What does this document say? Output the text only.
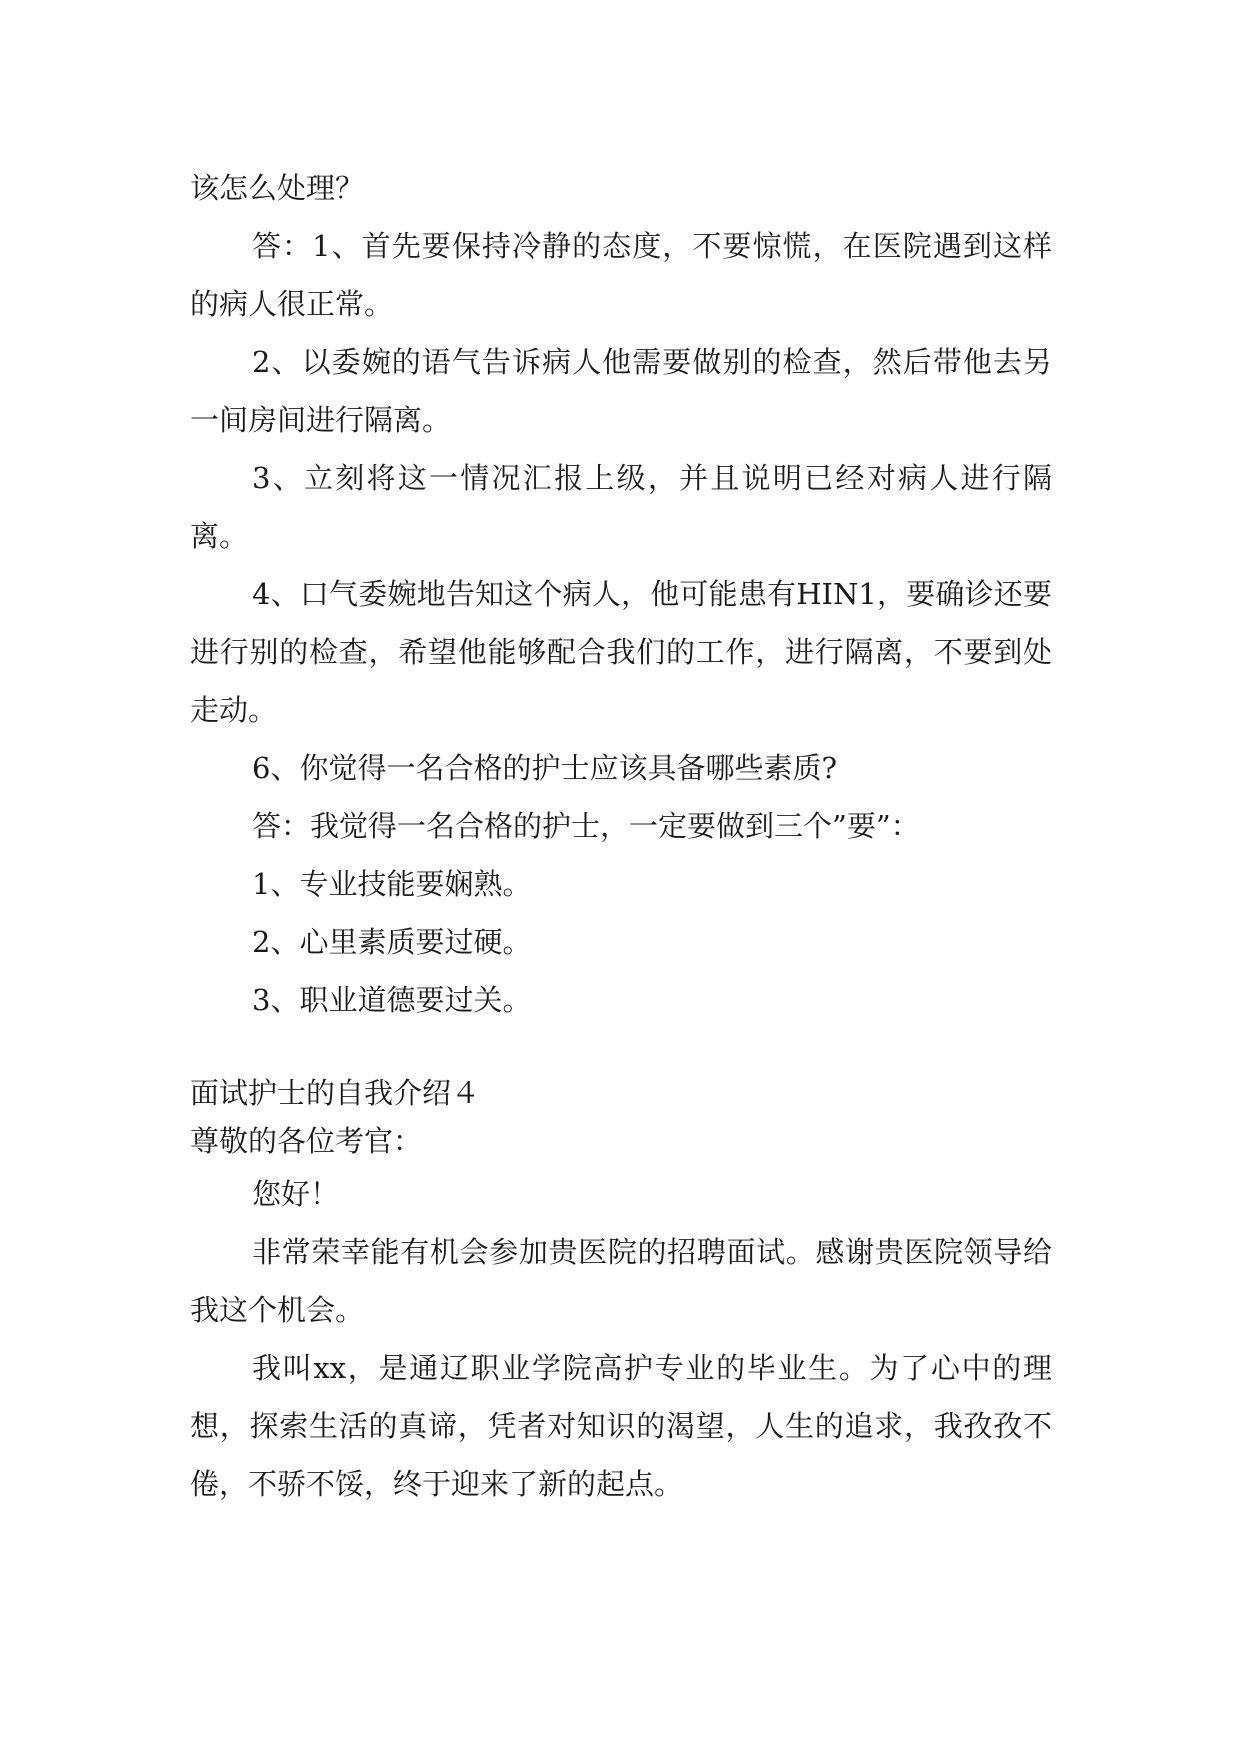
该怎么处理？

答：1、首先要保持冷静的态度，不要惊慌，在医院遇到这样的病人很正常。

2、以委婉的语气告诉病人他需要做别的检查，然后带他去另一间房间进行隔离。

3、立刻将这一情况汇报上级，并且说明已经对病人进行隔离。

4、口气委婉地告知这个病人，他可能患有HIN1，要确诊还要进行别的检查，希望他能够配合我们的工作，进行隔离，不要到处走动。

6、你觉得一名合格的护士应该具备哪些素质?

答：我觉得一名合格的护士，一定要做到三个”要”：

1、专业技能要娴熟。

2、心里素质要过硬。

3、职业道德要过关。

面试护士的自我介绍４

尊敬的各位考官：

您好！

非常荣幸能有机会参加贵医院的招聘面试。感谢贵医院领导给我这个机会。

我叫xx，是通辽职业学院高护专业的毕业生。为了心中的理想，探索生活的真谛，凭者对知识的渴望，人生的追求，我孜孜不倦，不骄不馁，终于迎来了新的起点。
